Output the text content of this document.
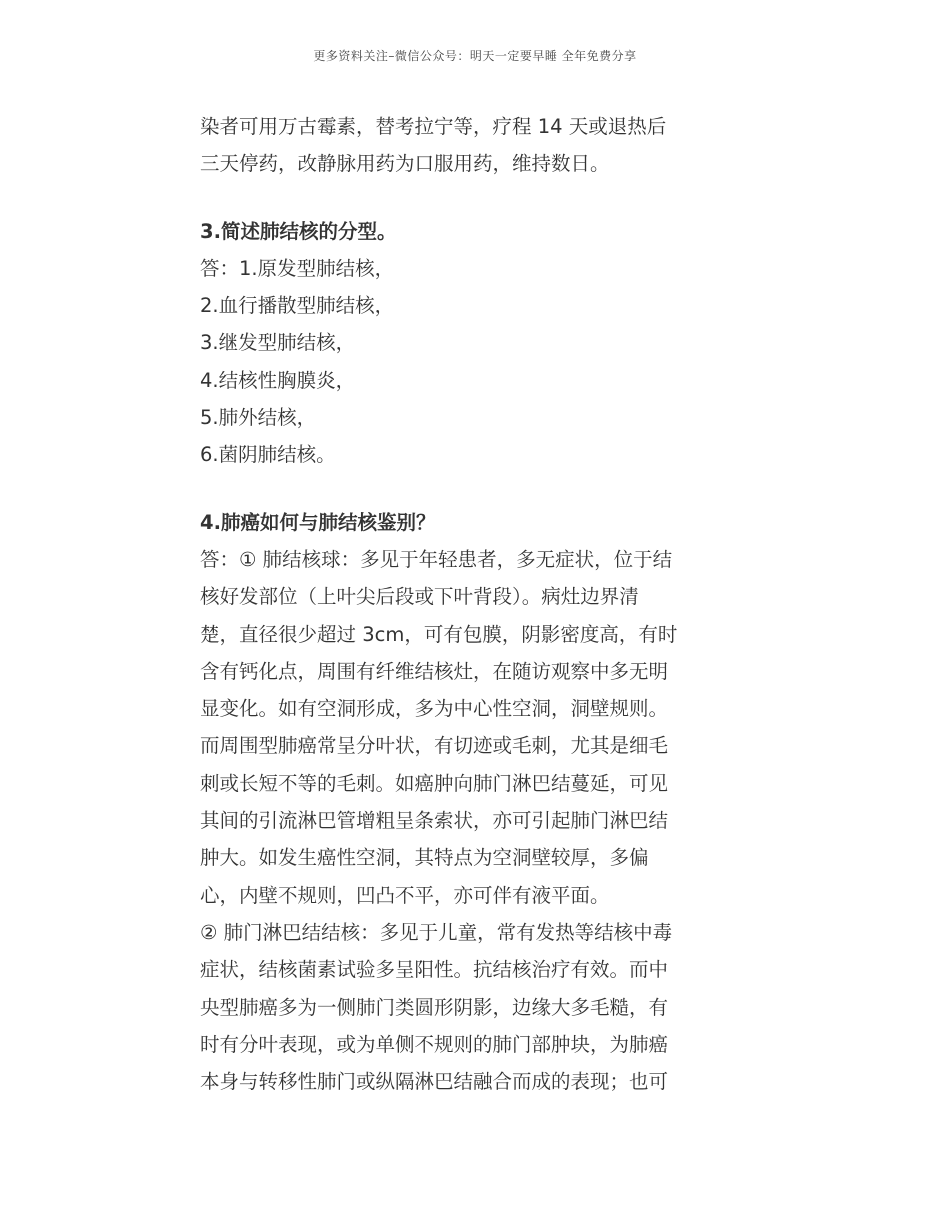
更多资料关注–微信公众号：明天一定要早睡 全年免费分享
染者可用万古霉素，替考拉宁等，疗程 14 天或退热后
三天停药，改静脉用药为口服用药，维持数日。
3.简述肺结核的分型。
答：1.原发型肺结核，
2.血行播散型肺结核，
3.继发型肺结核，
4.结核性胸膜炎，
5.肺外结核，
6.菌阴肺结核。
4.肺癌如何与肺结核鉴别？
答：① 肺结核球：多见于年轻患者，多无症状，位于结
核好发部位（上叶尖后段或下叶背段）。病灶边界清
楚，直径很少超过 3cm，可有包膜，阴影密度高，有时
含有钙化点，周围有纤维结核灶，在随访观察中多无明
显变化。如有空洞形成，多为中心性空洞，洞壁规则。
而周围型肺癌常呈分叶状，有切迹或毛刺，尤其是细毛
刺或长短不等的毛刺。如癌肿向肺门淋巴结蔓延，可见
其间的引流淋巴管增粗呈条索状，亦可引起肺门淋巴结
肿大。如发生癌性空洞，其特点为空洞壁较厚，多偏
心，内壁不规则，凹凸不平，亦可伴有液平面。
② 肺门淋巴结结核：多见于儿童，常有发热等结核中毒
症状，结核菌素试验多呈阳性。抗结核治疗有效。而中
央型肺癌多为一侧肺门类圆形阴影，边缘大多毛糙，有
时有分叶表现，或为单侧不规则的肺门部肿块，为肺癌
本身与转移性肺门或纵隔淋巴结融合而成的表现；也可
